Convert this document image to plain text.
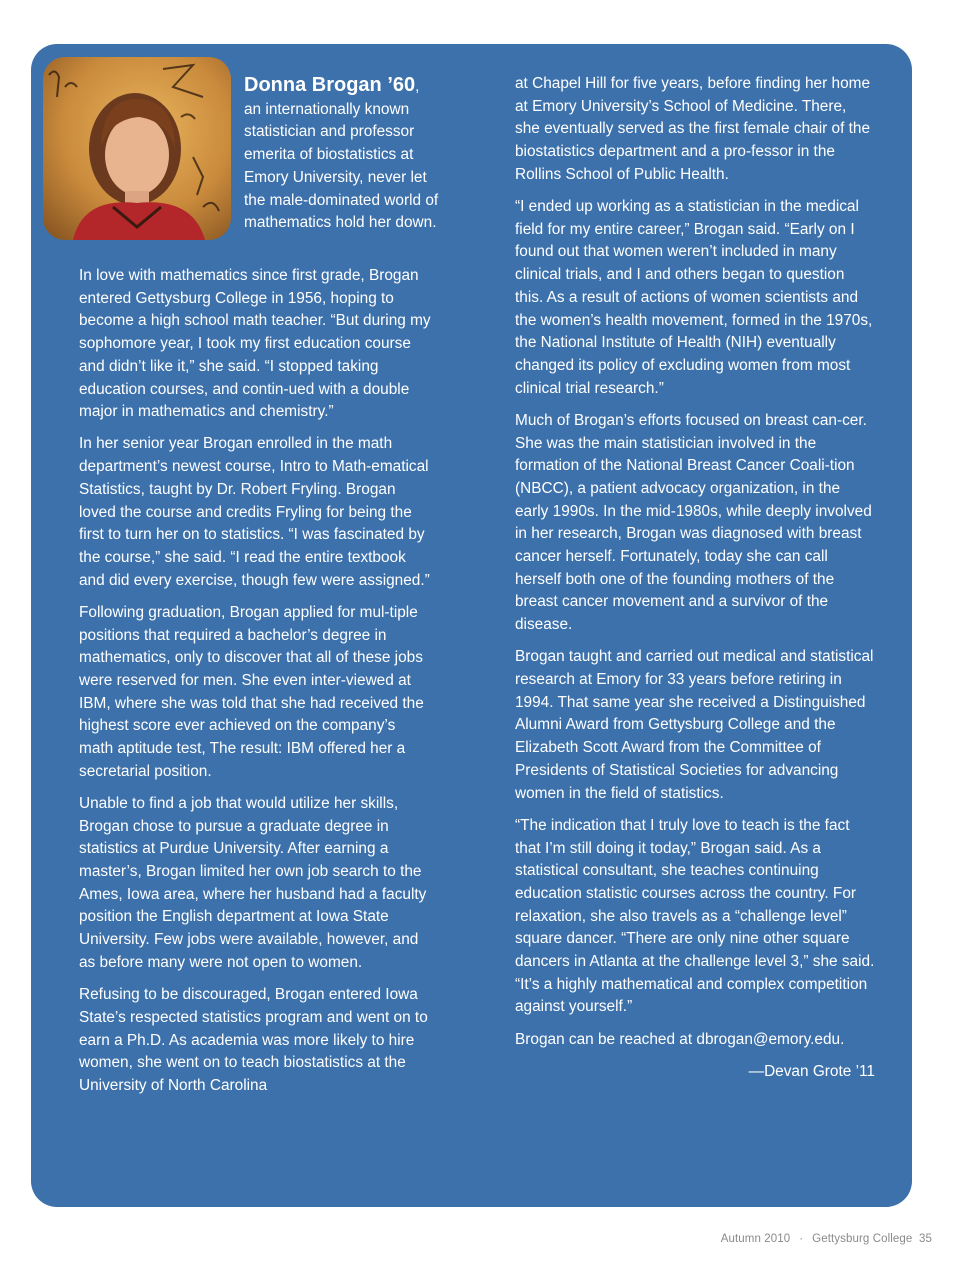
Donna Brogan ’60,
an internationally known statistician and professor emerita of biostatistics at Emory University, never let the male-dominated world of mathematics hold her down.

In love with mathematics since first grade, Brogan entered Gettysburg College in 1956, hoping to become a high school math teacher. “But during my sophomore year, I took my first education course and didn’t like it,” she said. “I stopped taking education courses, and contin-ued with a double major in mathematics and chemistry.”

In her senior year Brogan enrolled in the math department’s newest course, Intro to Math-ematical Statistics, taught by Dr. Robert Fryling. Brogan loved the course and credits Fryling for being the first to turn her on to statistics. “I was fascinated by the course,” she said. “I read the entire textbook and did every exercise, though few were assigned.”

Following graduation, Brogan applied for mul-tiple positions that required a bachelor’s degree in mathematics, only to discover that all of these jobs were reserved for men. She even inter-viewed at IBM, where she was told that she had received the highest score ever achieved on the company’s math aptitude test, The result: IBM offered her a secretarial position.

Unable to find a job that would utilize her skills, Brogan chose to pursue a graduate degree in statistics at Purdue University. After earning a master’s, Brogan limited her own job search to the Ames, Iowa area, where her husband had a faculty position the English department at Iowa State University. Few jobs were available, however, and as before many were not open to women.

Refusing to be discouraged, Brogan entered Iowa State’s respected statistics program and went on to earn a Ph.D. As academia was more likely to hire women, she went on to teach biostatistics at the University of North Carolina

at Chapel Hill for five years, before finding her home at Emory University’s School of Medicine. There, she eventually served as the first female chair of the biostatistics department and a pro-fessor in the Rollins School of Public Health.

“I ended up working as a statistician in the medical field for my entire career,” Brogan said. “Early on I found out that women weren’t included in many clinical trials, and I and others began to question this. As a result of actions of women scientists and the women’s health movement, formed in the 1970s, the National Institute of Health (NIH) eventually changed its policy of excluding women from most clinical trial research.”

Much of Brogan’s efforts focused on breast can-cer. She was the main statistician involved in the formation of the National Breast Cancer Coali-tion (NBCC), a patient advocacy organization, in the early 1990s. In the mid-1980s, while deeply involved in her research, Brogan was diagnosed with breast cancer herself. Fortunately, today she can call herself both one of the founding mothers of the breast cancer movement and a survivor of the disease.

Brogan taught and carried out medical and statistical research at Emory for 33 years before retiring in 1994. That same year she received a Distinguished Alumni Award from Gettysburg College and the Elizabeth Scott Award from the Committee of Presidents of Statistical Societies for advancing women in the field of statistics.

“The indication that I truly love to teach is the fact that I’m still doing it today,” Brogan said. As a statistical consultant, she teaches continuing education statistic courses across the country. For relaxation, she also travels as a “challenge level” square dancer. “There are only nine other square dancers in Atlanta at the challenge level 3,” she said. “It’s a highly mathematical and complex competition against yourself.”

Brogan can be reached at dbrogan@emory.edu.

—Devan Grote ’11

Autumn 2010 · Gettysburg College 35
